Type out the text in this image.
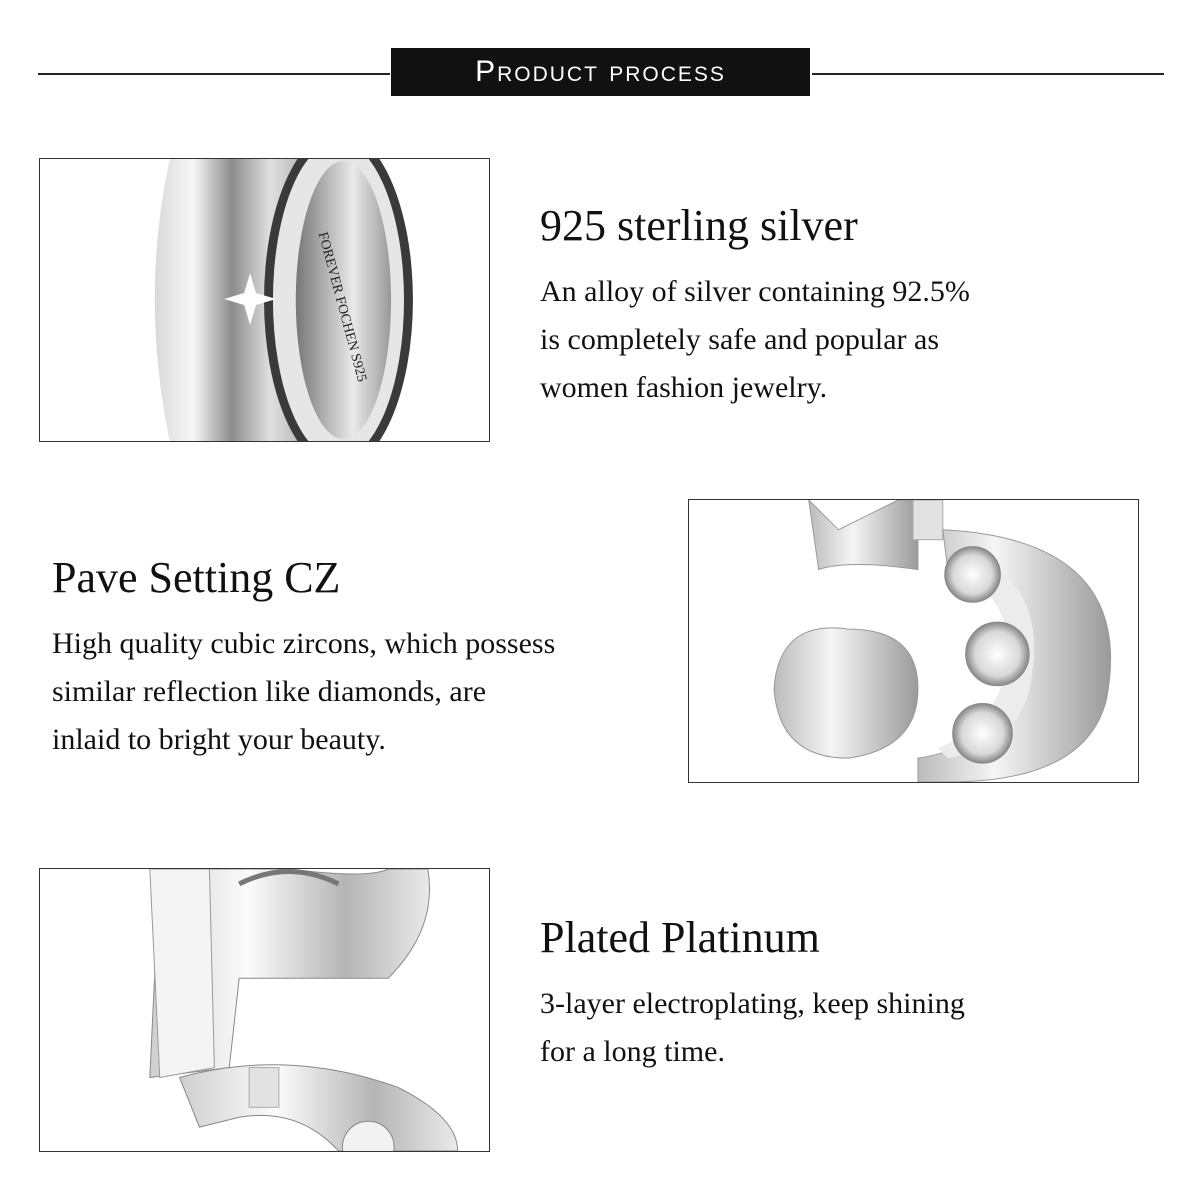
Product process
FOREVER FOCHEN S925
925 sterling silver

An alloy of silver containing 92.5%
is completely safe and popular as
women fashion jewelry.

Pave Setting CZ

High quality cubic zircons, which possess
similar reflection like diamonds, are
inlaid to bright your beauty.

Plated Platinum

3-layer electroplating, keep shining
for a long time.
